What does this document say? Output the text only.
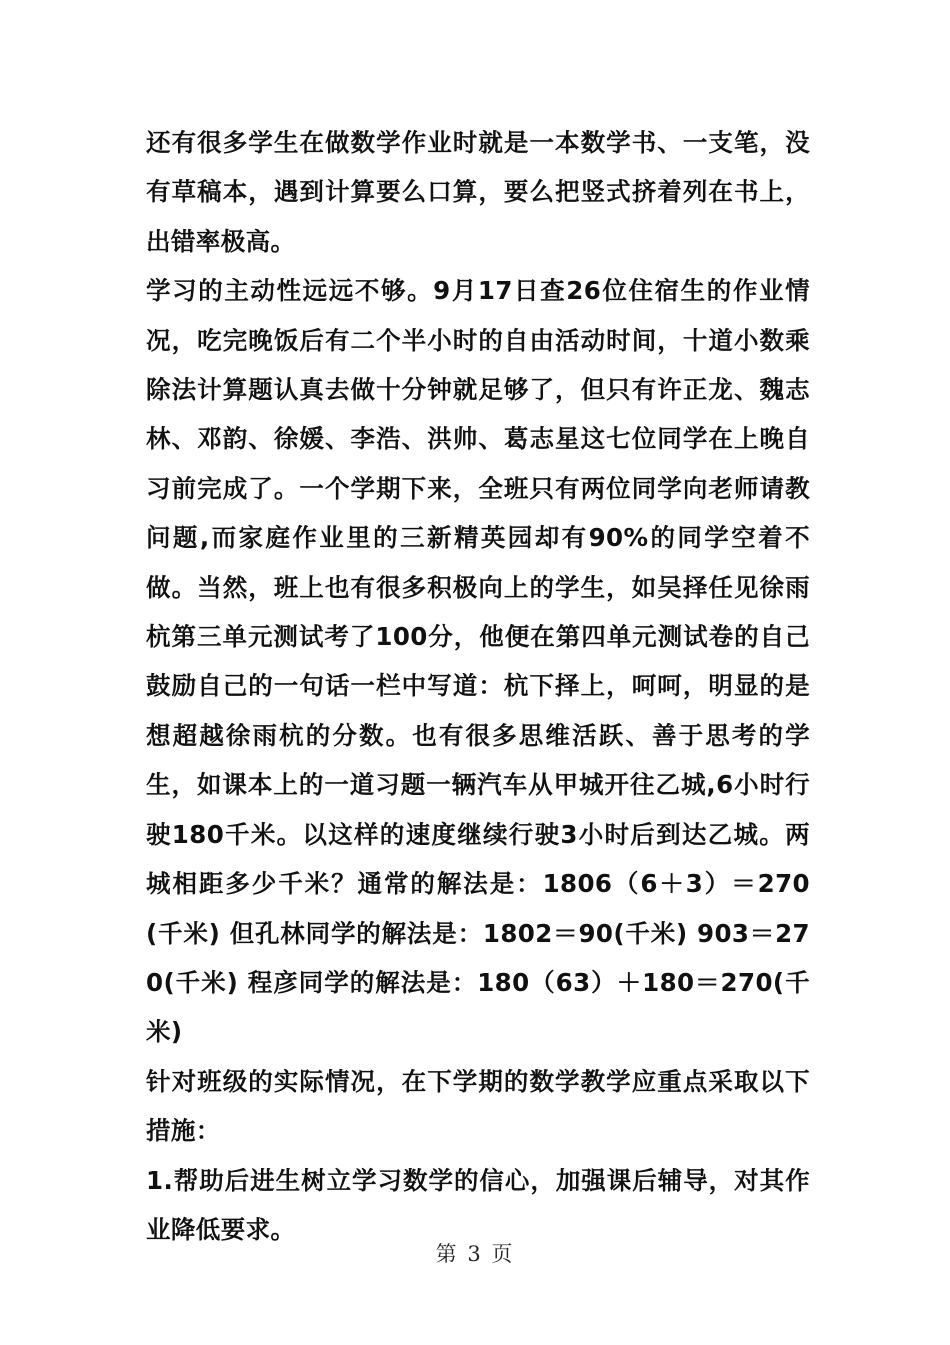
还有很多学生在做数学作业时就是一本数学书、一支笔，没有草稿本，遇到计算要么口算，要么把竖式挤着列在书上，出错率极高。

学习的主动性远远不够。9月17日查26位住宿生的作业情况，吃完晚饭后有二个半小时的自由活动时间，十道小数乘除法计算题认真去做十分钟就足够了，但只有许正龙、魏志林、邓韵、徐媛、李浩、洪帅、葛志星这七位同学在上晚自习前完成了。一个学期下来，全班只有两位同学向老师请教问题,而家庭作业里的三新精英园却有90%的同学空着不做。当然，班上也有很多积极向上的学生，如吴择任见徐雨杭第三单元测试考了100分，他便在第四单元测试卷的自己鼓励自己的一句话一栏中写道：杭下择上，呵呵，明显的是想超越徐雨杭的分数。也有很多思维活跃、善于思考的学生，如课本上的一道习题一辆汽车从甲城开往乙城,6小时行驶180千米。以这样的速度继续行驶3小时后到达乙城。两城相距多少千米？通常的解法是：1806（6＋3）＝270(千米) 但孔林同学的解法是：1802＝90(千米) 903＝270(千米) 程彦同学的解法是：180（63）＋180＝270(千米)

针对班级的实际情况，在下学期的数学教学应重点采取以下措施：

1.帮助后进生树立学习数学的信心，加强课后辅导，对其作业降低要求。

第 3 页
